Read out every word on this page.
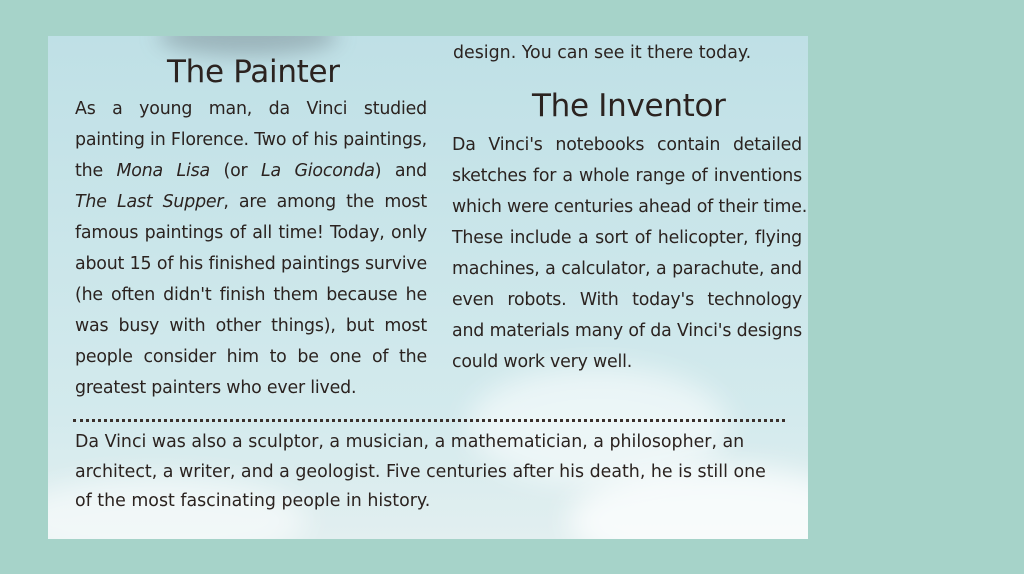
design. You can see it there today.
The Painter
As a young man, da Vinci studied
painting in Florence. Two of his paintings,
the Mona Lisa (or La Gioconda) and
The Last Supper, are among the most
famous paintings of all time! Today, only
about 15 of his finished paintings survive
(he often didn't finish them because he
was busy with other things), but most
people consider him to be one of the
greatest painters who ever lived.
The Inventor
Da Vinci's notebooks contain detailed
sketches for a whole range of inventions
which were centuries ahead of their time.
These include a sort of helicopter, flying
machines, a calculator, a parachute, and
even robots. With today's technology
and materials many of da Vinci's designs
could work very well.
Da Vinci was also a sculptor, a musician, a mathematician, a philosopher, an
architect, a writer, and a geologist. Five centuries after his death, he is still one
of the most fascinating people in history.
